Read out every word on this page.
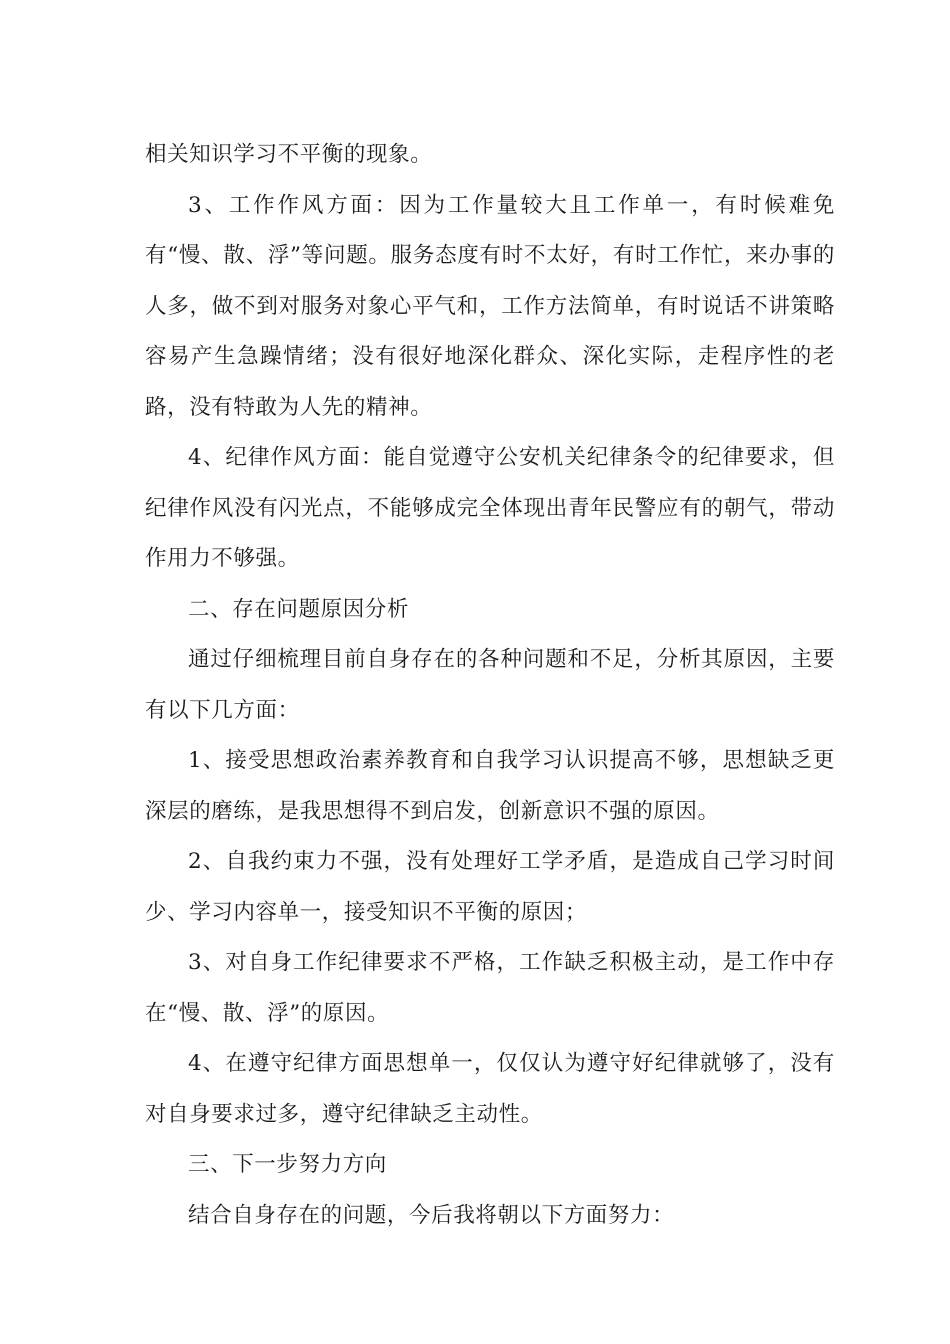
相关知识学习不平衡的现象。

3、工作作风方面：因为工作量较大且工作单一，有时候难免有“慢、散、浮”等问题。服务态度有时不太好，有时工作忙，来办事的人多，做不到对服务对象心平气和，工作方法简单，有时说话不讲策略容易产生急躁情绪；没有很好地深化群众、深化实际，走程序性的老路，没有特敢为人先的精神。

4、纪律作风方面：能自觉遵守公安机关纪律条令的纪律要求，但纪律作风没有闪光点，不能够成完全体现出青年民警应有的朝气，带动作用力不够强。

二、存在问题原因分析

通过仔细梳理目前自身存在的各种问题和不足，分析其原因，主要有以下几方面：

1、接受思想政治素养教育和自我学习认识提高不够，思想缺乏更深层的磨练，是我思想得不到启发，创新意识不强的原因。

2、自我约束力不强，没有处理好工学矛盾，是造成自己学习时间少、学习内容单一，接受知识不平衡的原因；

3、对自身工作纪律要求不严格，工作缺乏积极主动，是工作中存在“慢、散、浮”的原因。

4、在遵守纪律方面思想单一，仅仅认为遵守好纪律就够了，没有对自身要求过多，遵守纪律缺乏主动性。

三、下一步努力方向

结合自身存在的问题，今后我将朝以下方面努力：
